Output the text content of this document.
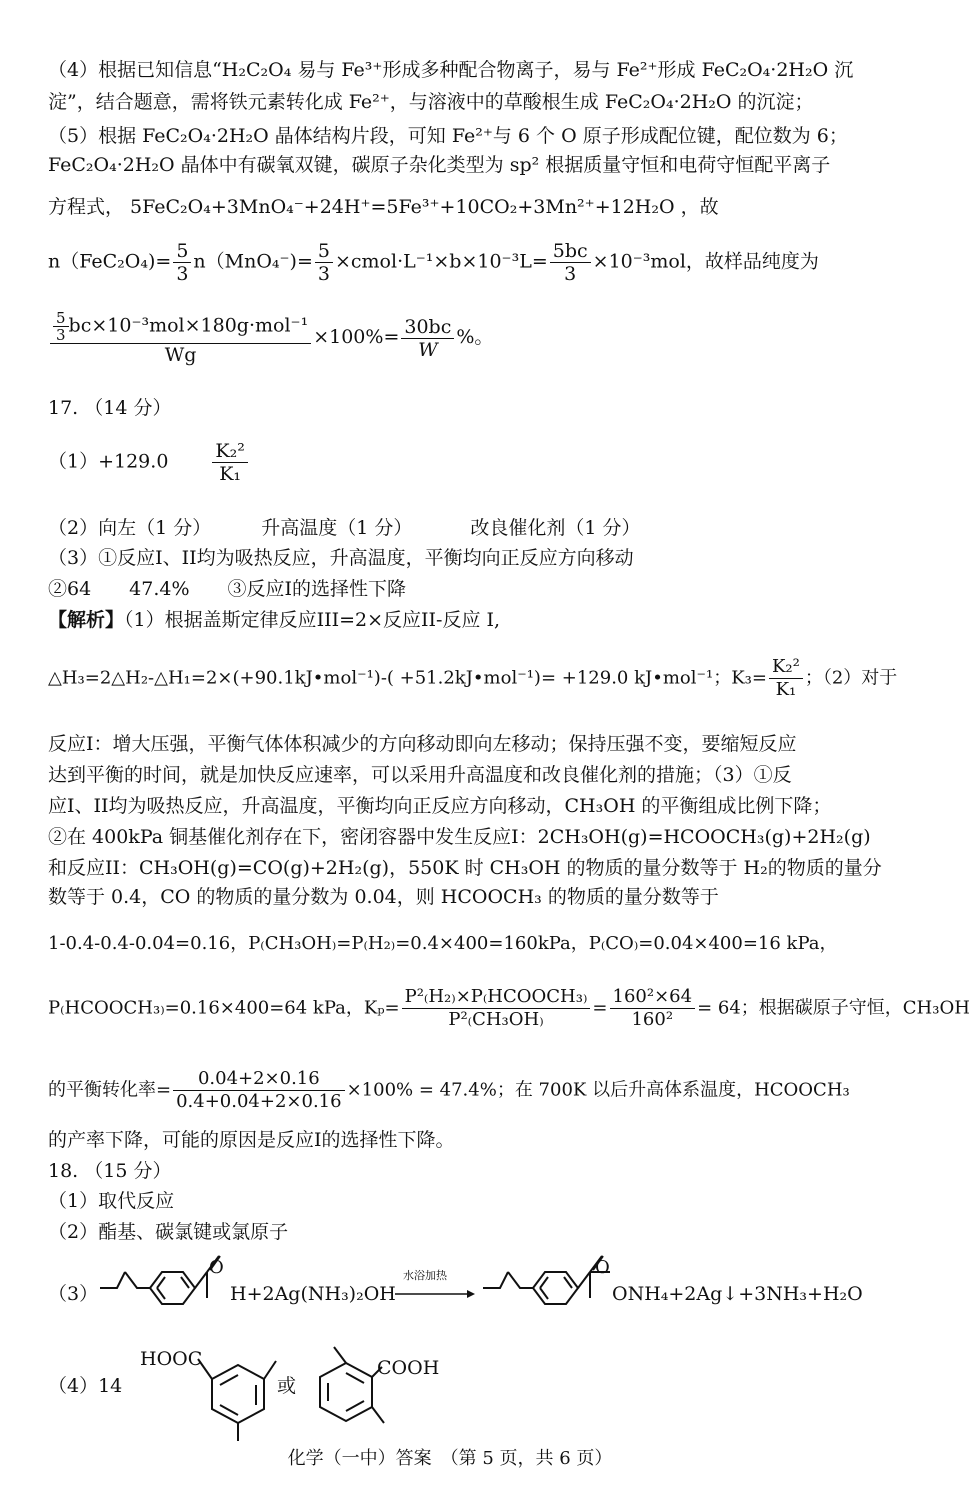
（4）根据已知信息“H₂C₂O₄ 易与 Fe³⁺形成多种配合物离子，易与 Fe²⁺形成 FeC₂O₄·2H₂O 沉
淀”，结合题意，需将铁元素转化成 Fe²⁺，与溶液中的草酸根生成 FeC₂O₄·2H₂O 的沉淀；
（5）根据 FeC₂O₄·2H₂O 晶体结构片段，可知 Fe²⁺与 6 个 O 原子形成配位键，配位数为 6；
FeC₂O₄·2H₂O 晶体中有碳氧双键，碳原子杂化类型为 sp² 根据质量守恒和电荷守恒配平离子
方程式， 5FeC₂O₄+3MnO₄⁻+24H⁺=5Fe³⁺+10CO₂+3Mn²⁺+12H₂O ，故
$n(FeC_2O_4)= \frac{5}{3} n(MnO_4^-)= \frac{5}{3}$ ×cmol·L⁻¹×b×10⁻³L= $\frac{5bc}{3} \times 10^{-3}mol$，故样品纯度为
$\frac{\frac{5}{3} bc\times 10^{-3}mol\times 180g\cdot mol^{-1}}{Wg} \times 100\%= \frac{30bc}{W}$ %。
17. （14 分）
$(1)+129.0 \frac{\text{K₂²}}{\text{K₁}}$
（2）向左（1 分）	升高温度（1 分）	改良催化剂（1 分）
（3）①反应I、II均为吸热反应，升高温度，平衡均向正反应方向移动
②64　　47.4%　　③反应I的选择性下降
【解析】（1）根据盖斯定律反应III=2×反应II-反应 I,
△H₃=2△H₂-△H₁=2×(+90.1kJ•mol⁻¹)-( +51.2kJ•mol⁻¹)= +129.0 kJ•mol⁻¹；$K_3= \frac{\text{K₂²}}{\text{K₁}}$ ；（2）对于
反应I：增大压强，平衡气体体积减少的方向移动即向左移动；保持压强不变，要缩短反应
达到平衡的时间，就是加快反应速率，可以采用升高温度和改良催化剂的措施；（3）①反
应I、II均为吸热反应，升高温度，平衡均向正反应方向移动，CH₃OH 的平衡组成比例下降；
②在 400kPa 铜基催化剂存在下，密闭容器中发生反应I：2CH₃OH(g)=HCOOCH₃(g)+2H₂(g)
和反应II：CH₃OH(g)=CO(g)+2H₂(g)，550K 时 CH₃OH 的物质的量分数等于 H₂的物质的量分
数等于 0.4，CO 的物质的量分数为 0.04，则 HCOOCH₃ 的物质的量分数等于
1-0.4-0.4-0.04=0.16，P₍CH₃OH₎=P₍H₂₎=0.4×400=160kPa，P₍CO₎=0.04×400=16 kPa，
P₍HCOOCH₃₎=0.16×400=64 kPa，$K_p= \frac{\text{P²₍H₂₎×P₍HCOOCH₃₎}}{\text{P²₍CH₃OH₎}} = \frac{\text{160²×64}}{\text{160²}} = 64$；根据碳原子守恒，CH₃OH
的平衡转化率= $\frac{0.04+2\times 0.16}{0.4+0.04+2\times 0.16} \times 100\% = 47.4\%$；在 700K 以后升高体系温度，HCOOCH₃
的产率下降，可能的原因是反应I的选择性下降。
18. （15 分）
（1）取代反应
（2）酯基、碳氯键或氯原子
（3）
O
H+2Ag(NH₃)₂OH
水浴加热	O
ONH₄+2Ag↓+3NH₃+H₂O
（4）14
HOOC
或
COOH
化学（一中）答案　（第 5 页，共 6 页）
